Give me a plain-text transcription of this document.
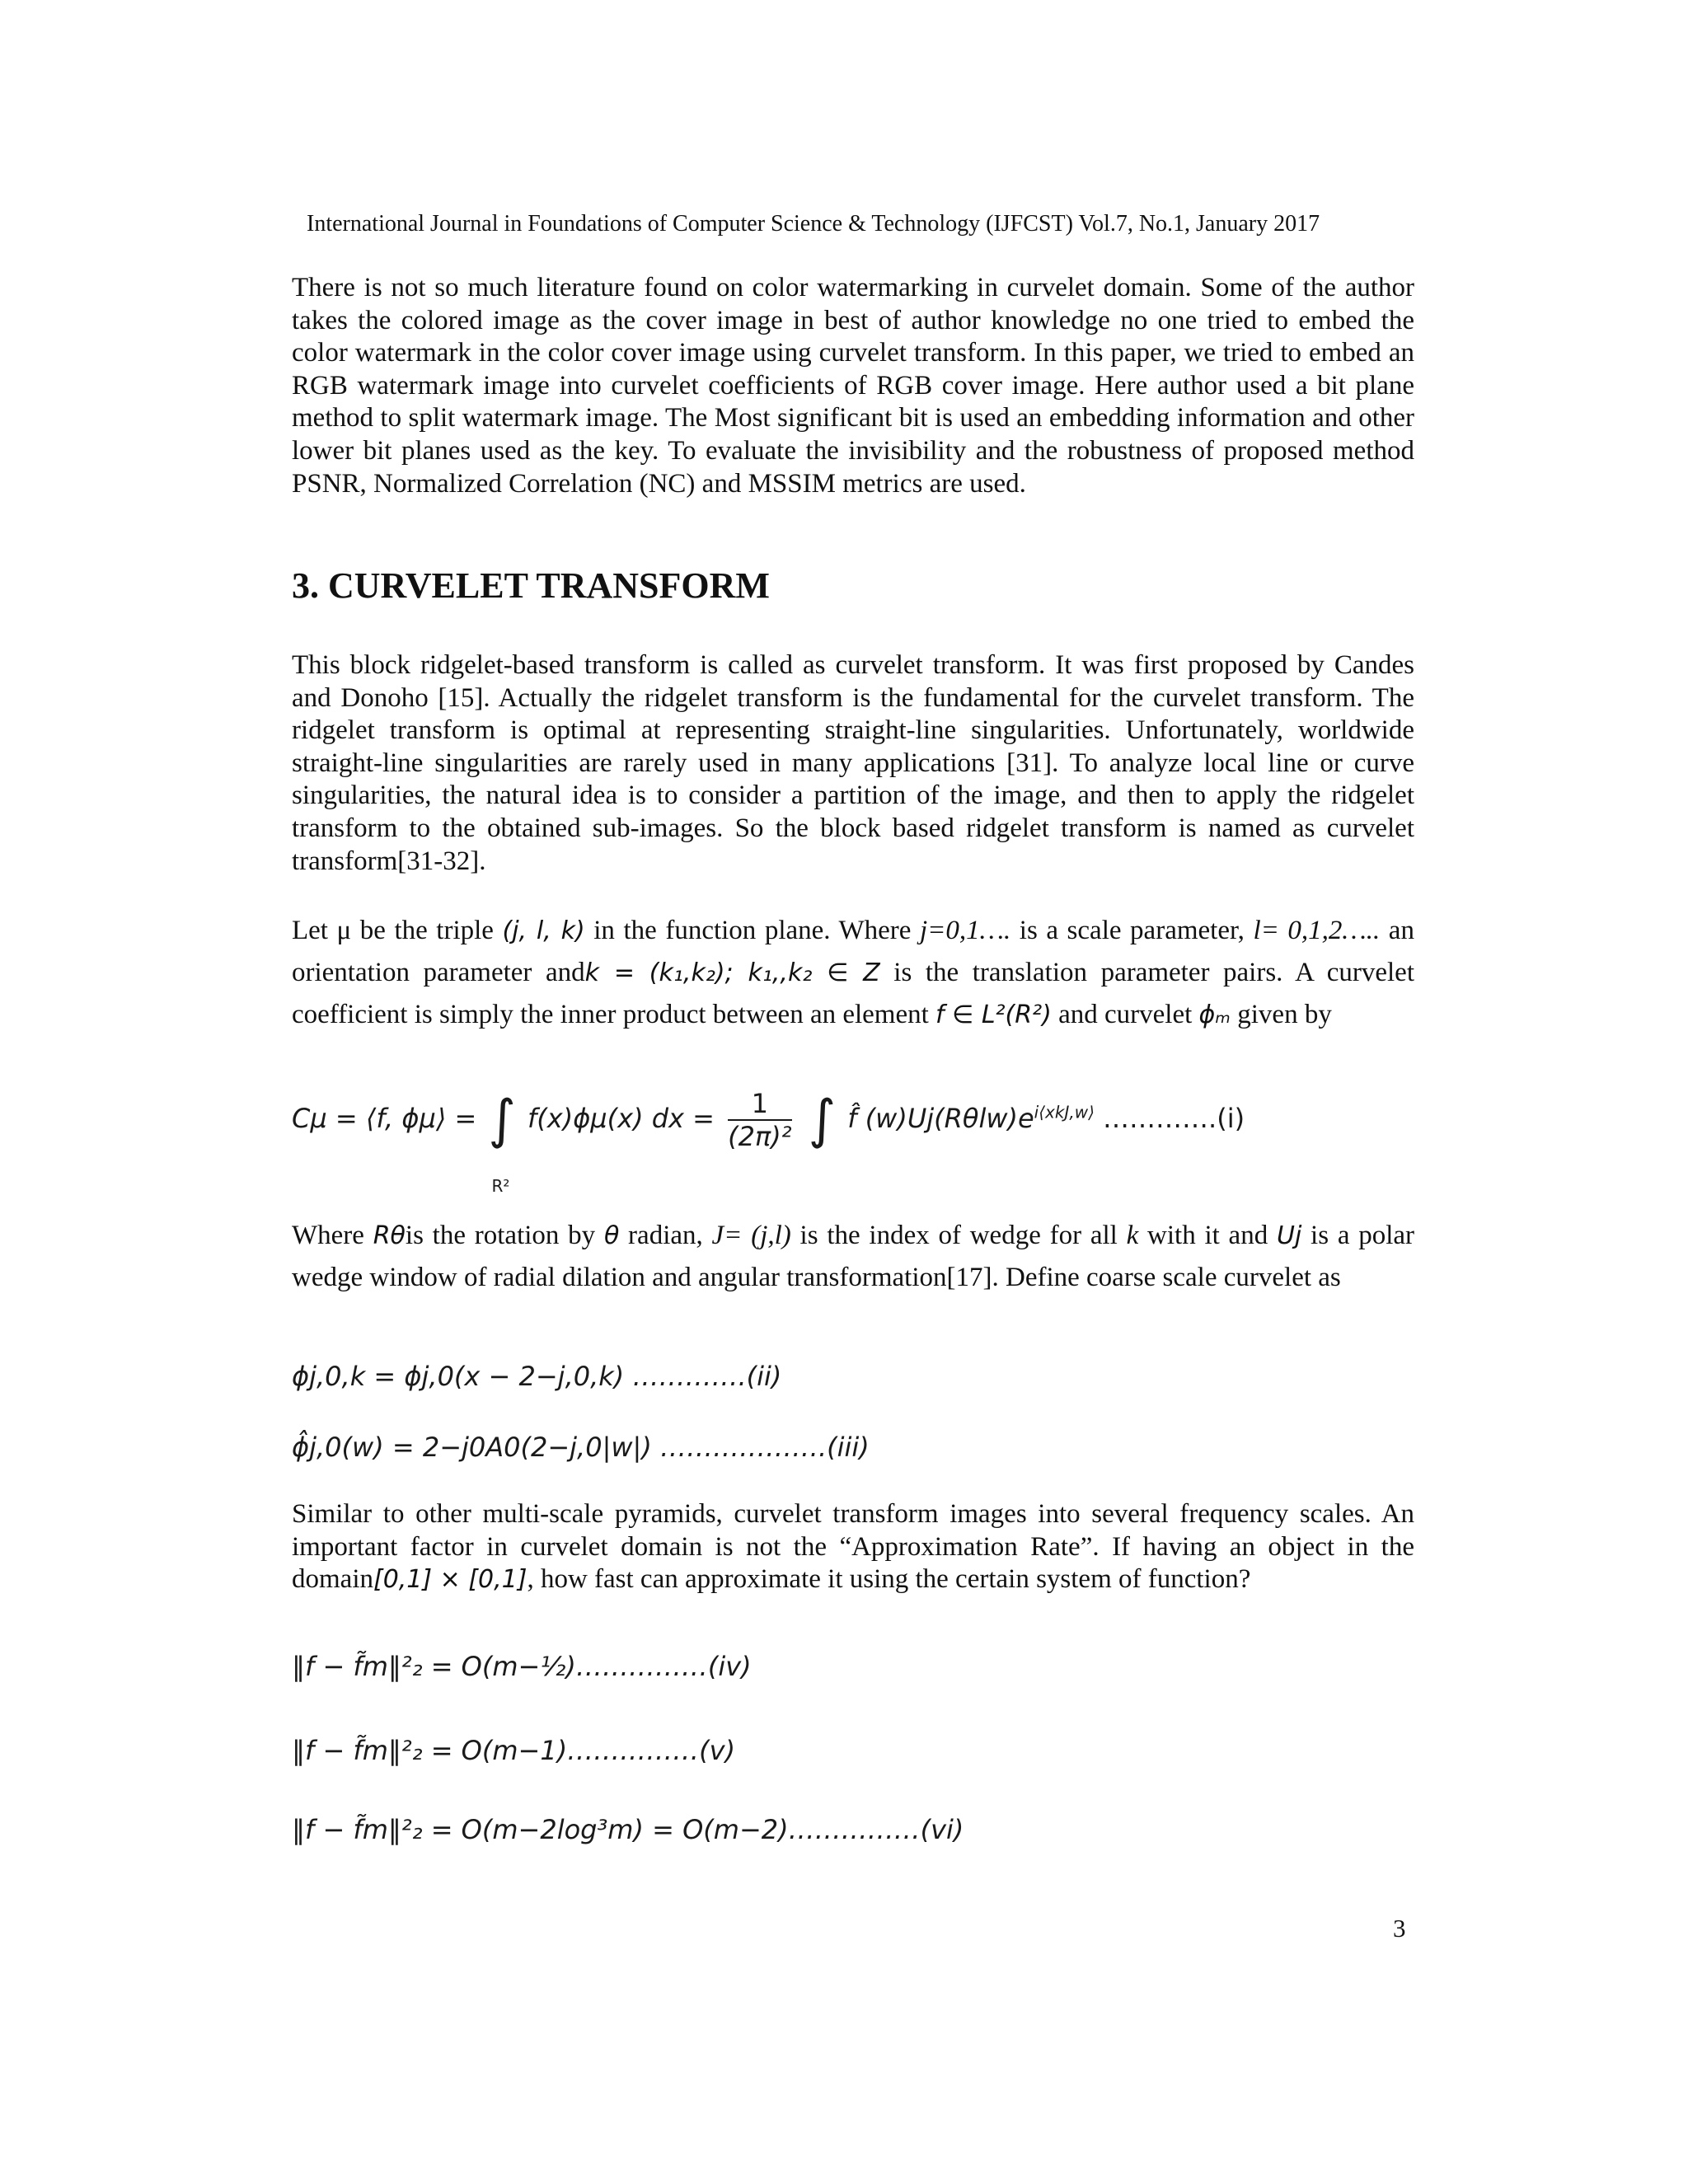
International Journal in Foundations of Computer Science & Technology (IJFCST) Vol.7, No.1, January 2017

There is not so much literature found on color watermarking in curvelet domain. Some of the author takes the colored image as the cover image in best of author knowledge no one tried to embed the color watermark in the color cover image using curvelet transform. In this paper, we tried to embed an RGB watermark image into curvelet coefficients of RGB cover image. Here author used a bit plane method to split watermark image. The Most significant bit is used an embedding information and other lower bit planes used as the key. To evaluate the invisibility and the robustness of proposed method PSNR, Normalized Correlation (NC) and MSSIM metrics are used.

3. CURVELET TRANSFORM

This block ridgelet-based transform is called as curvelet transform. It was first proposed by Candes and Donoho [15]. Actually the ridgelet transform is the fundamental for the curvelet transform. The ridgelet transform is optimal at representing straight-line singularities. Unfortunately, worldwide straight-line singularities are rarely used in many applications [31]. To analyze local line or curve singularities, the natural idea is to consider a partition of the image, and then to apply the ridgelet transform to the obtained sub-images. So the block based ridgelet transform is named as curvelet transform[31-32].

Let μ be the triple (j, l, k) in the function plane. Where j=0,1…. is a scale parameter, l= 0,1,2….. an orientation parameter andk = (k₁,k₂); k₁,,k₂ ∈ Z is the translation parameter pairs. A curvelet coefficient is simply the inner product between an element f ∈ L²(R²) and curvelet ϕₘ given by

Cμ = ⟨f, ϕμ⟩ = ∫
R²
f(x)ϕμ(x) dx = $\frac{1}{\text{(2π)²}}$ ∫ f̂ $(w)Uj(R\theta lw)e^{i⟨xkJ,w⟩}$ ………….(i)

Where Rθis the rotation by θ radian, J= (j,l) is the index of wedge for all k with it and Uj is a polar wedge window of radial dilation and angular transformation[17]. Define coarse scale curvelet as

ϕj,0,k = ϕj,0(x − 2−j,0,k) ………….(ii)
ϕ̂j,0(w) = 2−j0A0(2−j,0|w|) ……………….(iii)

Similar to other multi-scale pyramids, curvelet transform images into several frequency scales. An important factor in curvelet domain is not the “Approximation Rate”. If having an object in the domain[0,1] × [0,1], how fast can approximate it using the certain system of function?

‖f − f̃m‖²₂ = O(m−½)……………(iv)
‖f − f̃m‖²₂ = O(m−1)……………(v)
‖f − f̃m‖²₂ = O(m−2log³m) = O(m−2)……………(vi)
3
